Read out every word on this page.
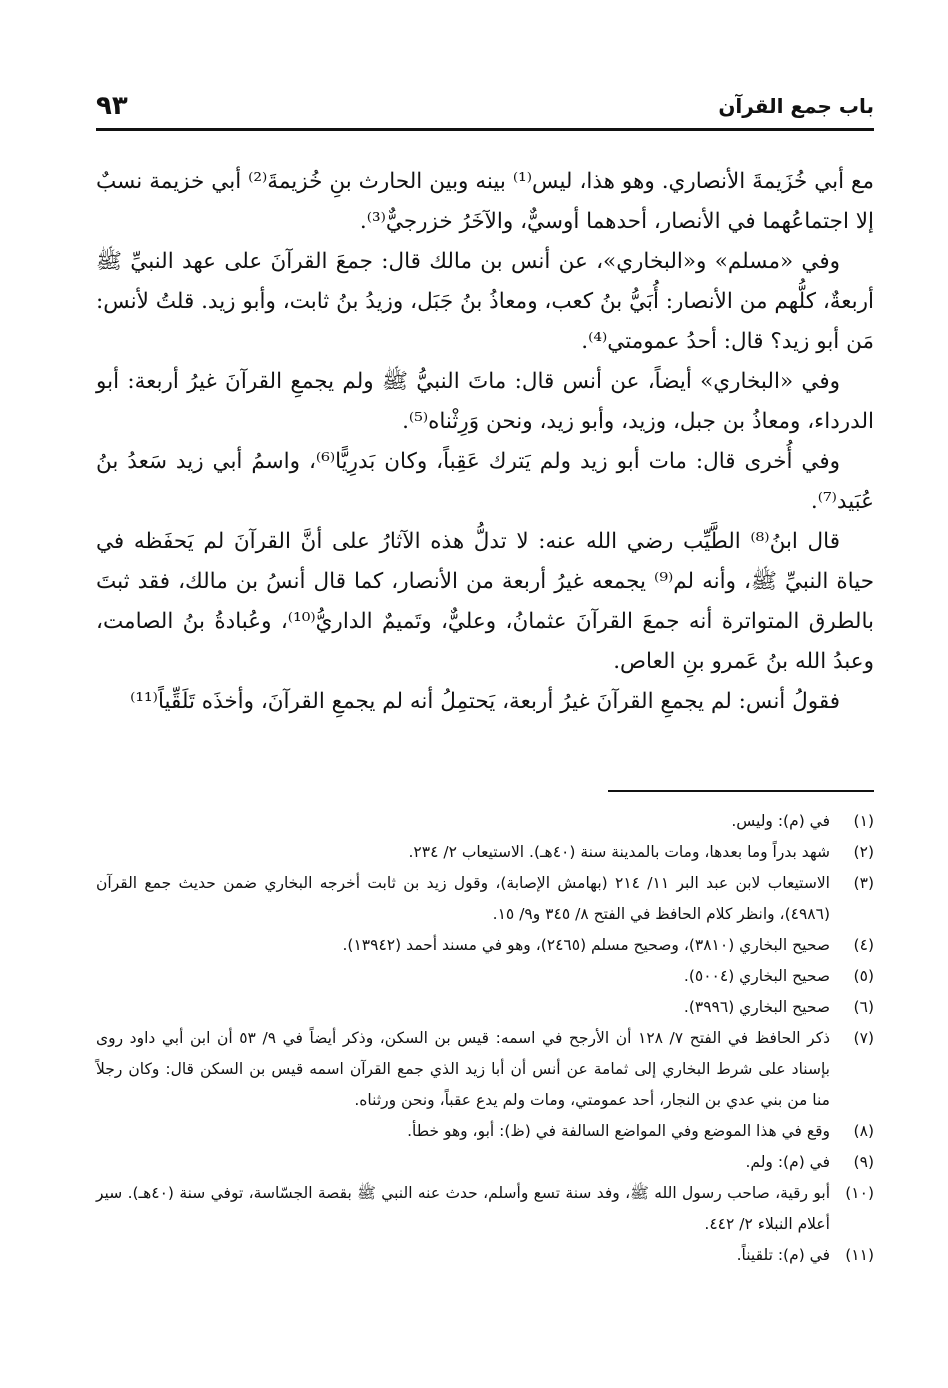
باب جمع القرآن
٩٣

مع أبي خُزَيمةَ الأنصاري. وهو هذا، ليس⁽¹⁾ بينه وبين الحارث بنِ خُزيمةَ⁽²⁾ أبي خزيمة نسبٌ إلا اجتماعُهما في الأنصار، أحدهما أوسيٌّ، والآخَرُ خزرجيٌّ⁽³⁾.

وفي «مسلم» و«البخاري»، عن أنس بن مالك قال: جمعَ القرآنَ على عهد النبيِّ ﷺ أربعةٌ، كلُّهم من الأنصار: أُبَيُّ بنُ كعب، ومعاذُ بنُ جَبَل، وزيدُ بنُ ثابت، وأبو زيد. قلتُ لأنس: مَن أبو زيد؟ قال: أحدُ عمومتي⁽⁴⁾.

وفي «البخاري» أيضاً، عن أنس قال: ماتَ النبيُّ ﷺ ولم يجمعِ القرآنَ غيرُ أربعة: أبو الدرداء، ومعاذُ بن جبل، وزيد، وأبو زيد، ونحن وَرِثْناه⁽⁵⁾.

وفي أُخرى قال: مات أبو زيد ولم يَترك عَقِباً، وكان بَدرِيًّا⁽⁶⁾، واسمُ أبي زيد سَعدُ بنُ عُبَيد⁽⁷⁾.

قال ابنُ⁽⁸⁾ الطَّيِّب رضي الله عنه: لا تدلُّ هذه الآثارُ على أنَّ القرآنَ لم يَحفَظه في حياة النبيِّ ﷺ، وأنه لم⁽⁹⁾ يجمعه غيرُ أربعة من الأنصار، كما قال أنسُ بن مالك، فقد ثبتَ بالطرق المتواترة أنه جمعَ القرآنَ عثمانُ، وعليٌّ، وتَميمٌ الداريُّ⁽¹⁰⁾، وعُبادةُ بنُ الصامت، وعبدُ الله بنُ عَمرو بنِ العاص.

فقولُ أنس: لم يجمعِ القرآنَ غيرُ أربعة، يَحتمِلُ أنه لم يجمعِ القرآنَ، وأخذَه تَلَقِّياً⁽¹¹⁾

(١)
في (م): وليس.
(٢)
شهد بدراً وما بعدها، ومات بالمدينة سنة (٤٠هـ). الاستيعاب ٢/ ٢٣٤.
(٣)
الاستيعاب لابن عبد البر ١١/ ٢١٤ (بهامش الإصابة)، وقول زيد بن ثابت أخرجه البخاري ضمن حديث جمع القرآن (٤٩٨٦)، وانظر كلام الحافظ في الفتح ٨/ ٣٤٥ و٩/ ١٥.
(٤)
صحيح البخاري (٣٨١٠)، وصحيح مسلم (٢٤٦٥)، وهو في مسند أحمد (١٣٩٤٢).
(٥)
صحيح البخاري (٥٠٠٤).
(٦)
صحيح البخاري (٣٩٩٦).
(٧)
ذكر الحافظ في الفتح ٧/ ١٢٨ أن الأرجح في اسمه: قيس بن السكن، وذكر أيضاً في ٩/ ٥٣ أن ابن أبي داود روى بإسناد على شرط البخاري إلى ثمامة عن أنس أن أبا زيد الذي جمع القرآن اسمه قيس بن السكن قال: وكان رجلاً منا من بني عدي بن النجار، أحد عمومتي، ومات ولم يدع عقباً، ونحن ورثناه.
(٨)
وقع في هذا الموضع وفي المواضع السالفة في (ظ): أبو، وهو خطأ.
(٩)
في (م): ولم.
(١٠)
أبو رقية، صاحب رسول الله ﷺ، وفد سنة تسع وأسلم، حدث عنه النبي ﷺ بقصة الجسّاسة، توفي سنة (٤٠هـ). سير أعلام النبلاء ٢/ ٤٤٢.
(١١)
في (م): تلقيناً.
